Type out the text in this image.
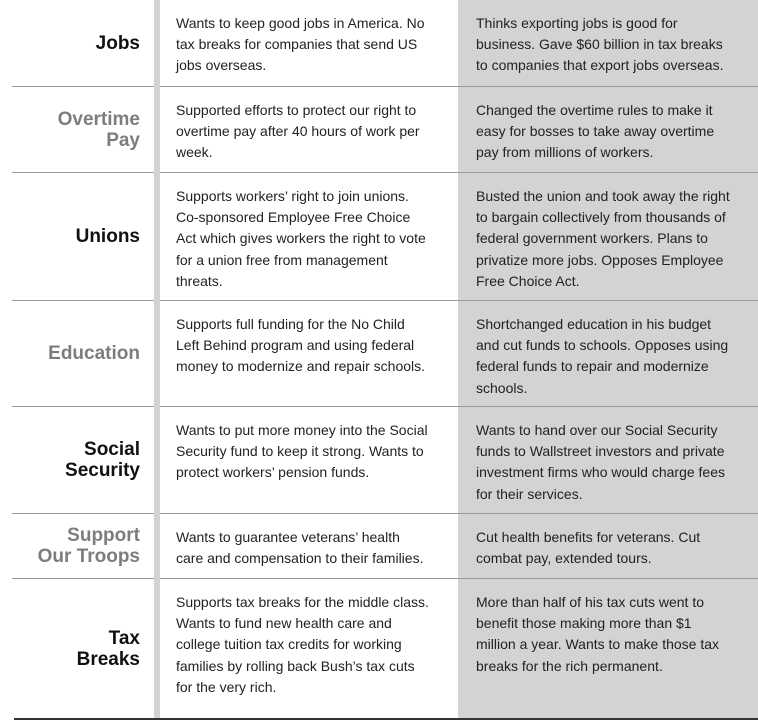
Jobs
Wants to keep good jobs in America. No
tax breaks for companies that send US
jobs overseas.
Thinks exporting jobs is good for
business. Gave $60 billion in tax breaks
to companies that export jobs overseas.
Overtime
Pay
Supported efforts to protect our right to
overtime pay after 40 hours of work per
week.
Changed the overtime rules to make it
easy for bosses to take away overtime
pay from millions of workers.
Unions
Supports workers’ right to join unions.
Co-sponsored Employee Free Choice
Act which gives workers the right to vote
for a union free from management
threats.
Busted the union and took away the right
to bargain collectively from thousands of
federal government workers. Plans to
privatize more jobs. Opposes Employee
Free Choice Act.
Education
Supports full funding for the No Child
Left Behind program and using federal
money to modernize and repair schools.
Shortchanged education in his budget
and cut funds to schools. Opposes using
federal funds to repair and modernize
schools.
Social
Security
Wants to put more money into the Social
Security fund to keep it strong. Wants to
protect workers’ pension funds.
Wants to hand over our Social Security
funds to Wallstreet investors and private
investment firms who would charge fees
for their services.
Support
Our Troops
Wants to guarantee veterans’ health
care and compensation to their families.
Cut health benefits for veterans. Cut
combat pay, extended tours.
Tax
Breaks
Supports tax breaks for the middle class.
Wants to fund new health care and
college tuition tax credits for working
families by rolling back Bush’s tax cuts
for the very rich.
More than half of his tax cuts went to
benefit those making more than $1
million a year. Wants to make those tax
breaks for the rich permanent.
